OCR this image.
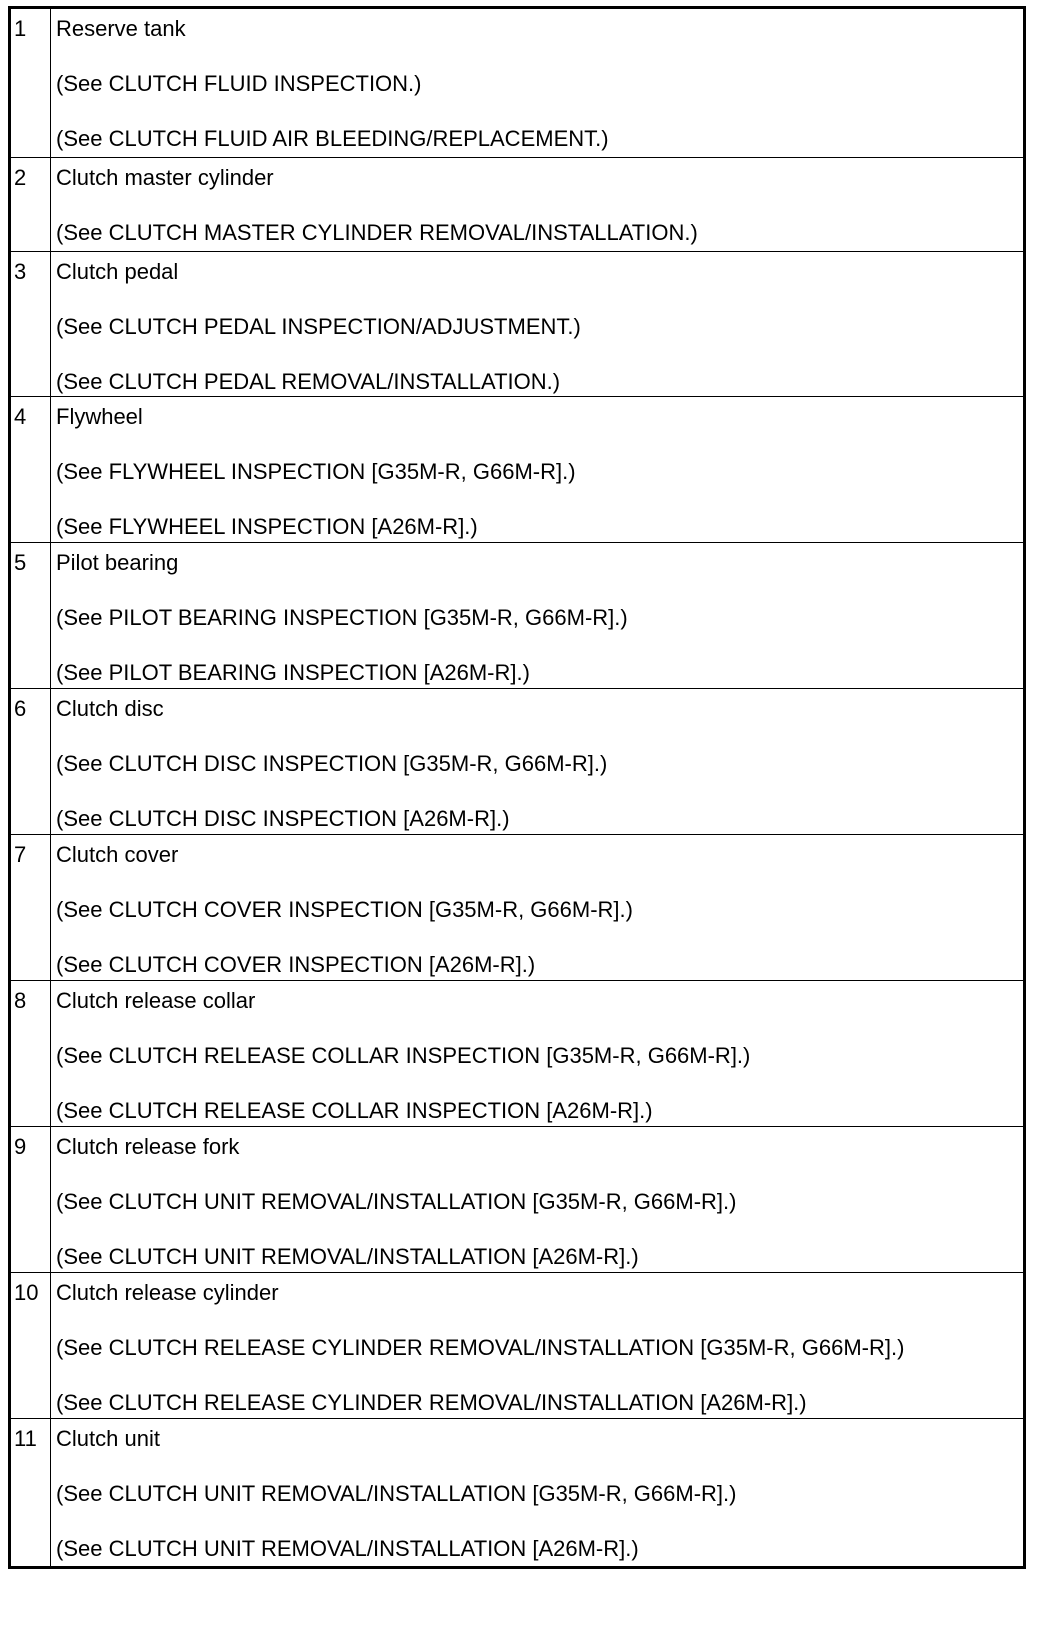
1	Reserve tank
(See CLUTCH FLUID INSPECTION.)
(See CLUTCH FLUID AIR BLEEDING/REPLACEMENT.)

2	Clutch master cylinder
(See CLUTCH MASTER CYLINDER REMOVAL/INSTALLATION.)

3	Clutch pedal
(See CLUTCH PEDAL INSPECTION/ADJUSTMENT.)
(See CLUTCH PEDAL REMOVAL/INSTALLATION.)

4	Flywheel
(See FLYWHEEL INSPECTION [G35M-R, G66M-R].)
(See FLYWHEEL INSPECTION [A26M-R].)

5	Pilot bearing
(See PILOT BEARING INSPECTION [G35M-R, G66M-R].)
(See PILOT BEARING INSPECTION [A26M-R].)

6	Clutch disc
(See CLUTCH DISC INSPECTION [G35M-R, G66M-R].)
(See CLUTCH DISC INSPECTION [A26M-R].)

7	Clutch cover
(See CLUTCH COVER INSPECTION [G35M-R, G66M-R].)
(See CLUTCH COVER INSPECTION [A26M-R].)

8	Clutch release collar
(See CLUTCH RELEASE COLLAR INSPECTION [G35M-R, G66M-R].)
(See CLUTCH RELEASE COLLAR INSPECTION [A26M-R].)

9	Clutch release fork
(See CLUTCH UNIT REMOVAL/INSTALLATION [G35M-R, G66M-R].)
(See CLUTCH UNIT REMOVAL/INSTALLATION [A26M-R].)

10	Clutch release cylinder
(See CLUTCH RELEASE CYLINDER REMOVAL/INSTALLATION [G35M-R, G66M-R].)
(See CLUTCH RELEASE CYLINDER REMOVAL/INSTALLATION [A26M-R].)

11	Clutch unit
(See CLUTCH UNIT REMOVAL/INSTALLATION [G35M-R, G66M-R].)
(See CLUTCH UNIT REMOVAL/INSTALLATION [A26M-R].)
